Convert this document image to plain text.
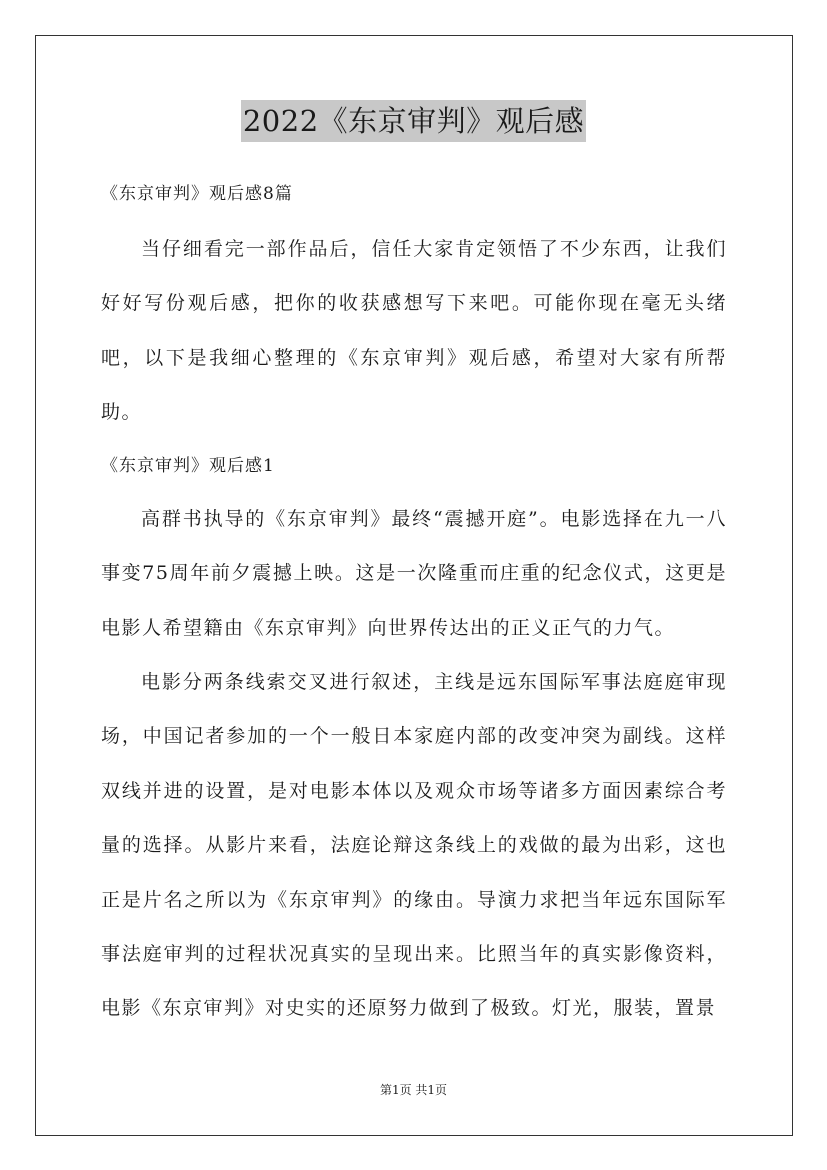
2022《东京审判》观后感
《东京审判》观后感8篇

当仔细看完一部作品后，信任大家肯定领悟了不少东西，让我们好好写份观后感，把你的收获感想写下来吧。可能你现在毫无头绪吧，以下是我细心整理的《东京审判》观后感，希望对大家有所帮助。

《东京审判》观后感1

高群书执导的《东京审判》最终“震撼开庭”。电影选择在九一八事变75周年前夕震撼上映。这是一次隆重而庄重的纪念仪式，这更是电影人希望籍由《东京审判》向世界传达出的正义正气的力气。

电影分两条线索交叉进行叙述，主线是远东国际军事法庭庭审现场，中国记者参加的一个一般日本家庭内部的改变冲突为副线。这样双线并进的设置，是对电影本体以及观众市场等诸多方面因素综合考量的选择。从影片来看，法庭论辩这条线上的戏做的最为出彩，这也正是片名之所以为《东京审判》的缘由。导演力求把当年远东国际军事法庭审判的过程状况真实的呈现出来。比照当年的真实影像资料，电影《东京审判》对史实的还原努力做到了极致。灯光，服装，置景

第1页 共1页
